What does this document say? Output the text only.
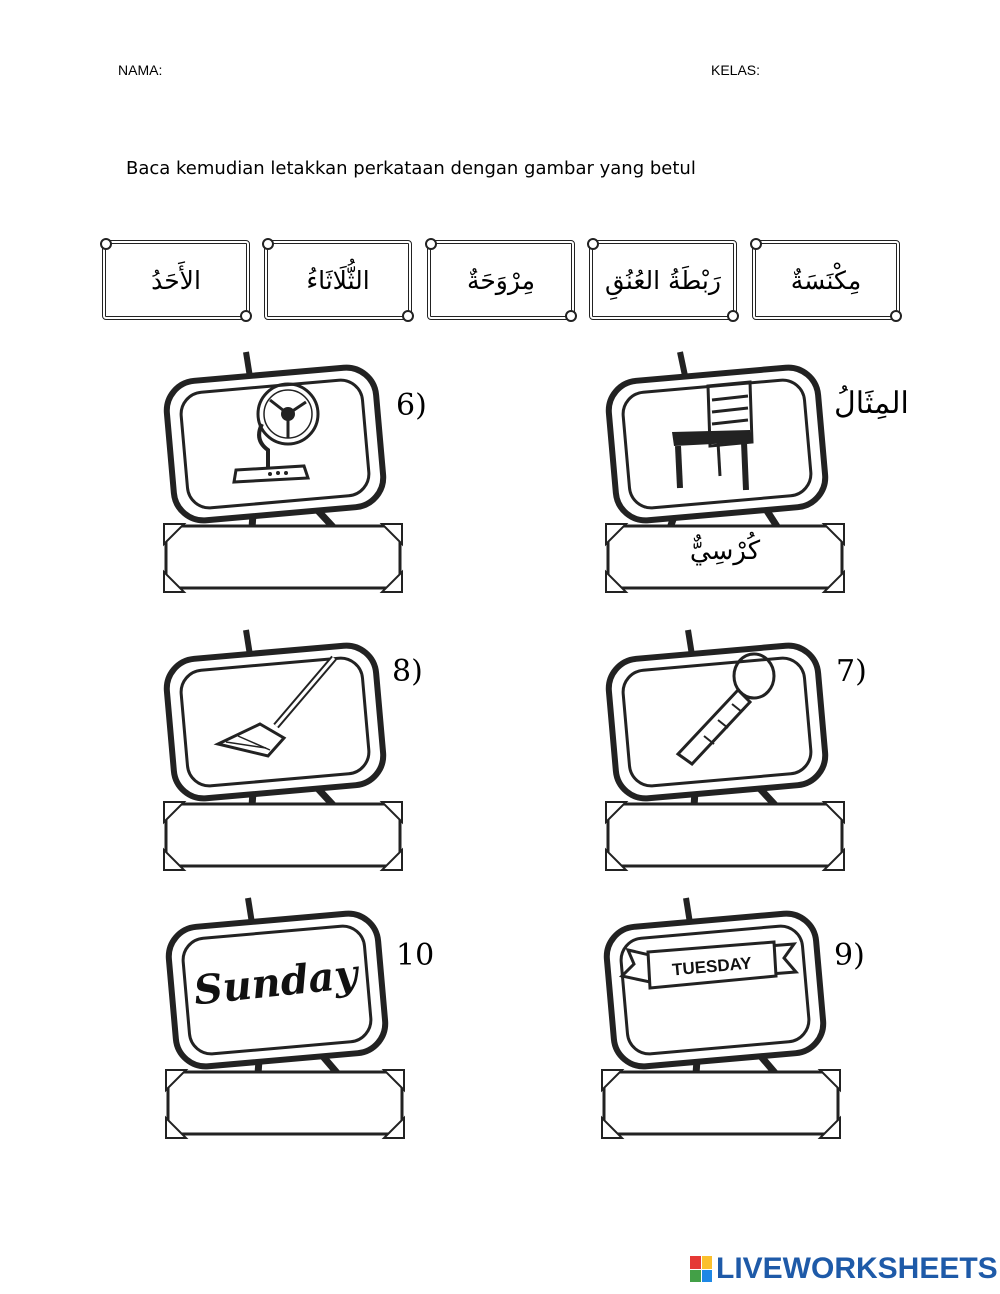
NAMA:	KELAS:
Baca kemudian letakkan perkataan dengan gambar yang betul
مِكْنَسَةٌ
رَبْطَةُ العُنُقِ
مِرْوَحَةٌ
الثُّلَاثَاءُ
الأَحَدُ
المِثَالُ
كُرْسِيٌّ
6)
8)	7)
Sunday 10	TUESDAY	9)
LIVEWORKSHEETS
